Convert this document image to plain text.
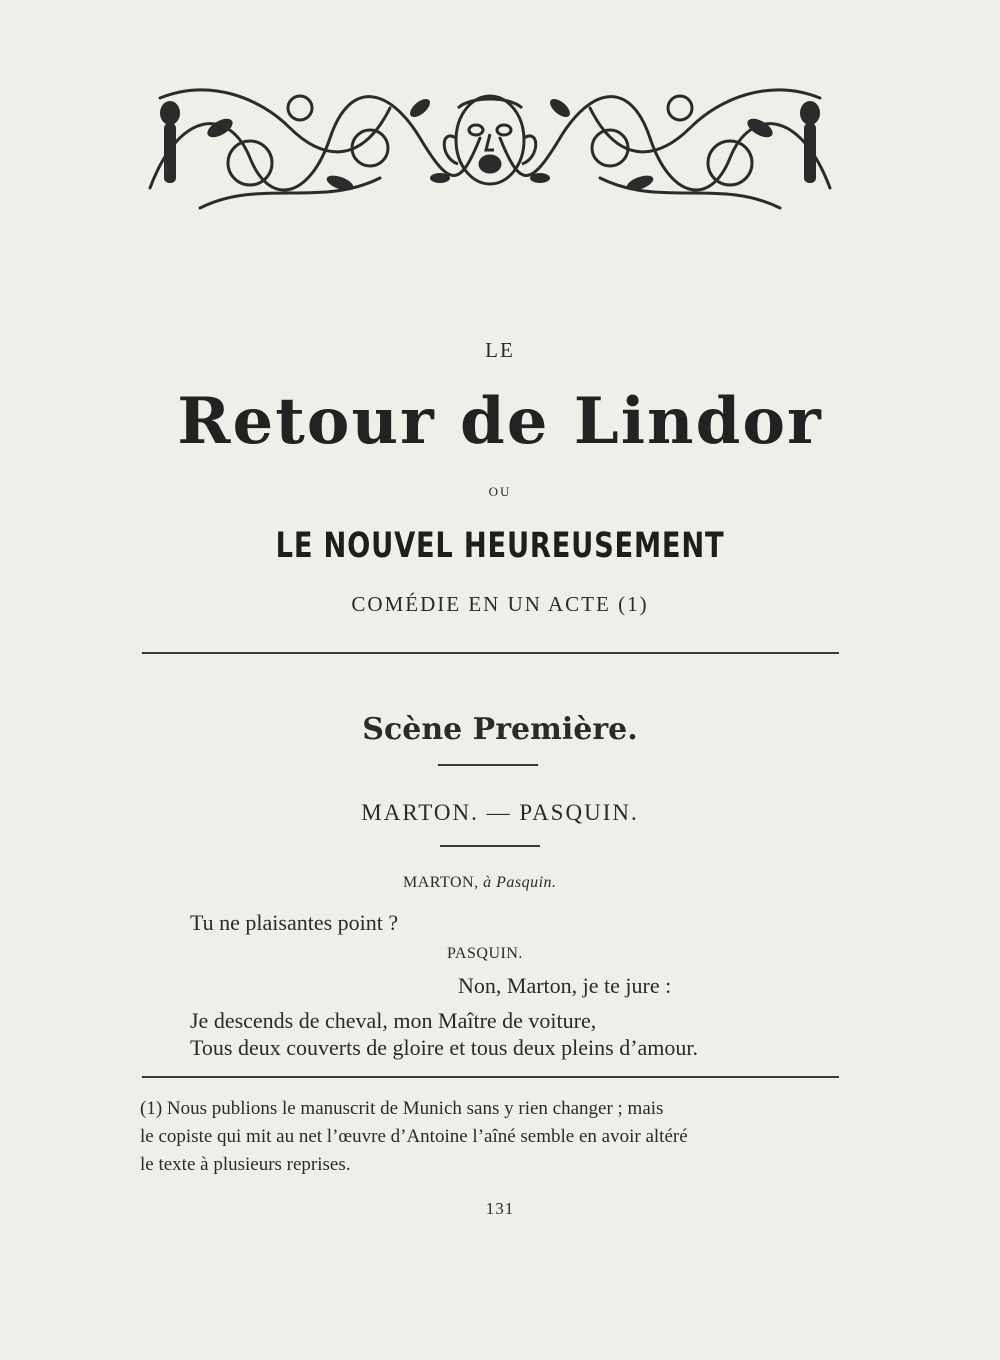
LE
Retour de Lindor
OU
LE NOUVEL HEUREUSEMENT
COMÉDIE EN UN ACTE (1)
Scène Première.
MARTON. — PASQUIN.
MARTON, à Pasquin.
Tu ne plaisantes point ?
PASQUIN.
Non, Marton, je te jure :
Je descends de cheval, mon Maître de voiture,
Tous deux couverts de gloire et tous deux pleins d’amour.
(1) Nous publions le manuscrit de Munich sans y rien changer ; mais
le copiste qui mit au net l’œuvre d’Antoine l’aîné semble en avoir altéré
le texte à plusieurs reprises.
131
